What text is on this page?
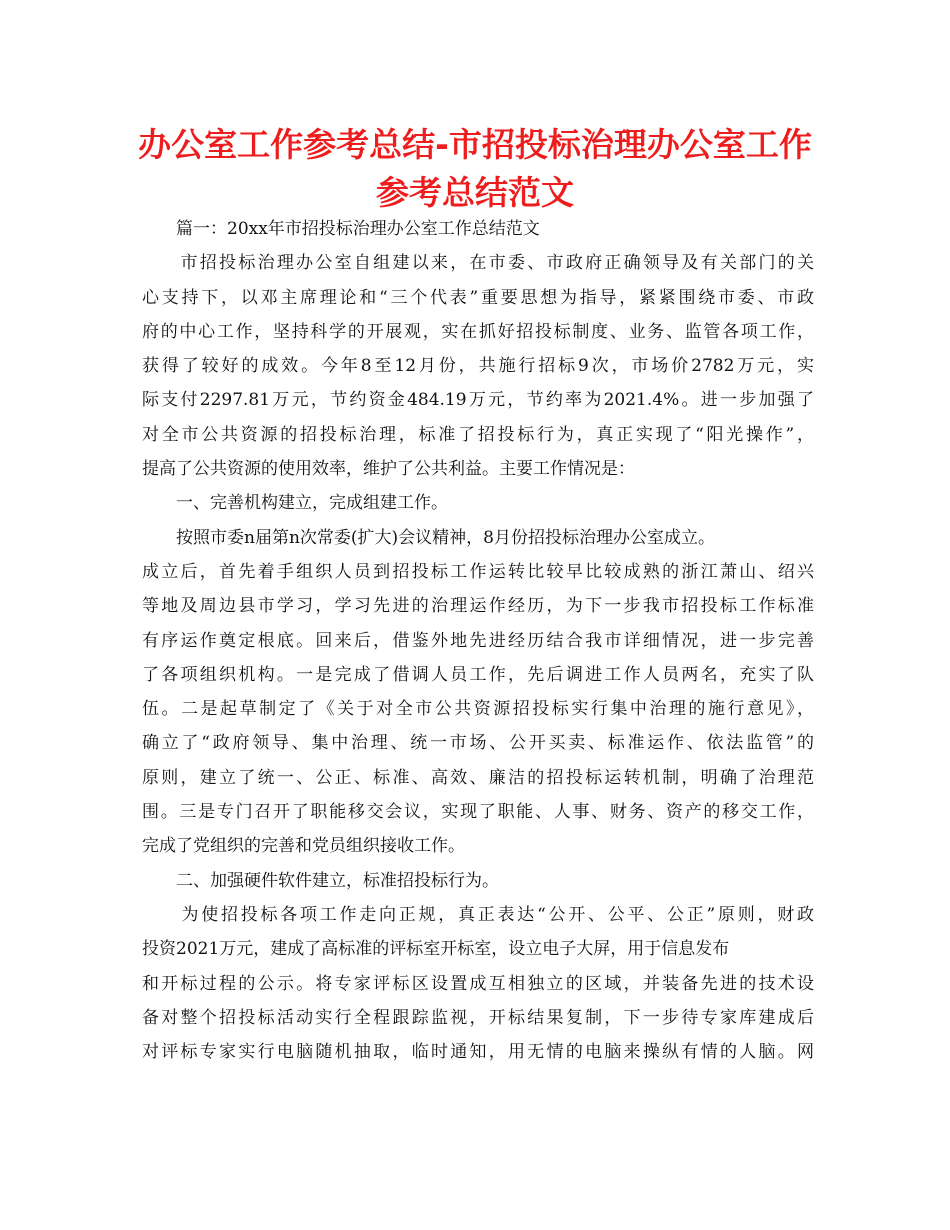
办公室工作参考总结-市招投标治理办公室工作
参考总结范文
　　篇一：20xx年市招投标治理办公室工作总结范文
　　市招投标治理办公室自组建以来，在市委、市政府正确领导及有关部门的关
心支持下，以邓主席理论和“三个代表”重要思想为指导，紧紧围绕市委、市政
府的中心工作，坚持科学的开展观，实在抓好招投标制度、业务、监管各项工作，
获得了较好的成效。今年8至12月份，共施行招标9次，市场价2782万元，实
际支付2297.81万元，节约资金484.19万元，节约率为2021.4%。进一步加强了
对全市公共资源的招投标治理，标准了招投标行为，真正实现了“阳光操作”，
提高了公共资源的使用效率，维护了公共利益。主要工作情况是：
　　一、完善机构建立，完成组建工作。
　　按照市委n届第n次常委(扩大)会议精神，8月份招投标治理办公室成立。
成立后，首先着手组织人员到招投标工作运转比较早比较成熟的浙江萧山、绍兴
等地及周边县市学习，学习先进的治理运作经历，为下一步我市招投标工作标准
有序运作奠定根底。回来后，借鉴外地先进经历结合我市详细情况，进一步完善
了各项组织机构。一是完成了借调人员工作，先后调进工作人员两名，充实了队
伍。二是起草制定了《关于对全市公共资源招投标实行集中治理的施行意见》，
确立了“政府领导、集中治理、统一市场、公开买卖、标准运作、依法监管”的
原则，建立了统一、公正、标准、高效、廉洁的招投标运转机制，明确了治理范
围。三是专门召开了职能移交会议，实现了职能、人事、财务、资产的移交工作，
完成了党组织的完善和党员组织接收工作。
　　二、加强硬件软件建立，标准招投标行为。
　　为使招投标各项工作走向正规，真正表达“公开、公平、公正”原则，财政
投资2021万元，建成了高标准的评标室开标室，设立电子大屏，用于信息发布
和开标过程的公示。将专家评标区设置成互相独立的区域，并装备先进的技术设
备对整个招投标活动实行全程跟踪监视，开标结果复制，下一步待专家库建成后
对评标专家实行电脑随机抽取，临时通知，用无情的电脑来操纵有情的人脑。网
